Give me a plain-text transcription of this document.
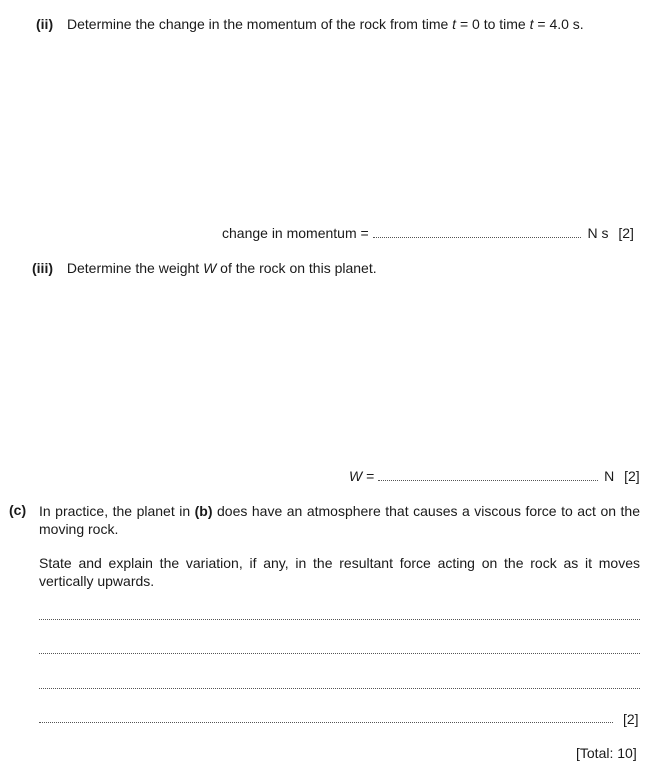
(ii) Determine the change in the momentum of the rock from time t = 0 to time t = 4.0 s.
change in momentum =	N s [2]
(iii) Determine the weight W of the rock on this planet.
W =	N [2]
(c) In practice, the planet in (b) does have an atmosphere that causes a viscous force to act on the moving rock.
State and explain the variation, if any, in the resultant force acting on the rock as it moves vertically upwards.
[2]
[Total: 10]
